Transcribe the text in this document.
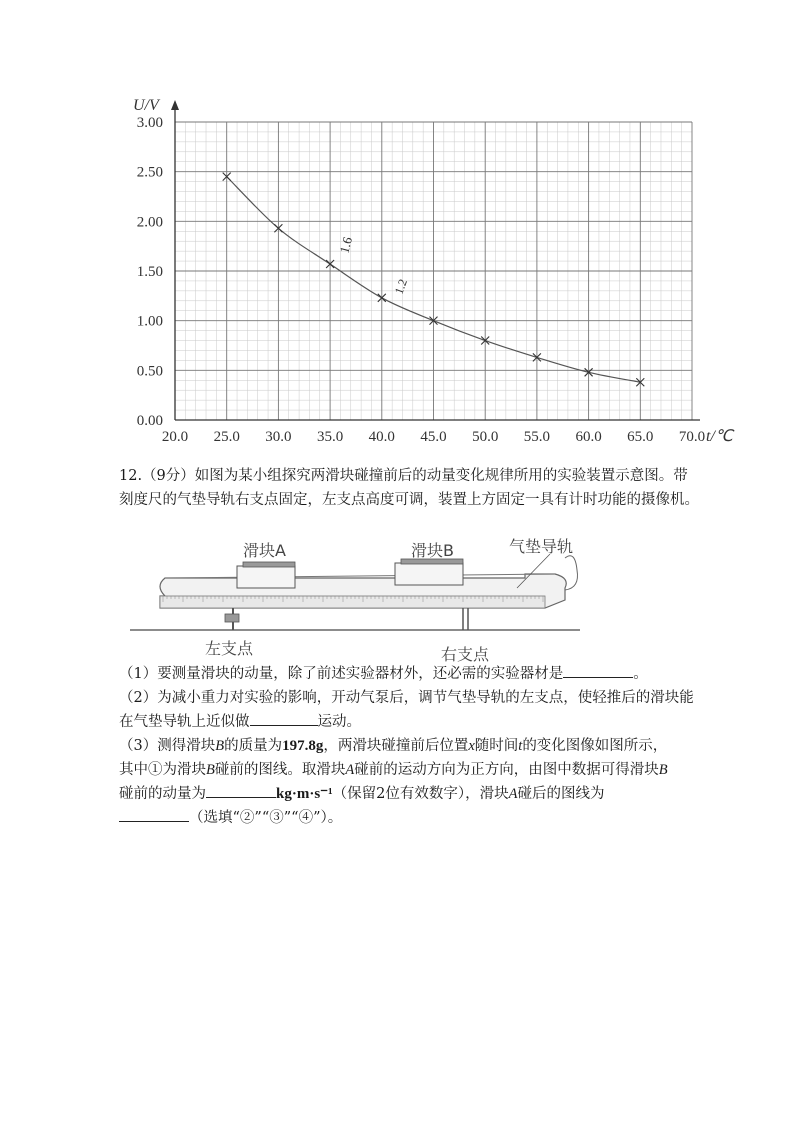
20.0 25.0 30.0 35.0 40.0 45.0 50.0 55.0 60.0 65.0 70.0
0.00
0.50
1.00
1.50
2.00
2.50
3.00
U/V
t/℃
1.6
1.2

12.（9分）如图为某小组探究两滑块碰撞前后的动量变化规律所用的实验装置示意图。带

刻度尺的气垫导轨右支点固定，左支点高度可调，装置上方固定一具有计时功能的摄像机。

滑块A	滑块B	气垫导轨
左支点	右支点

（1）要测量滑块的动量，除了前述实验器材外，还必需的实验器材是	。

（2）为减小重力对实验的影响，开动气泵后，调节气垫导轨的左支点，使轻推后的滑块能

在气垫导轨上近似做	运动。

（3）测得滑块B的质量为197.8g，两滑块碰撞前后位置x随时间t的变化图像如图所示，

其中①为滑块B碰前的图线。取滑块A碰前的运动方向为正方向，由图中数据可得滑块B

碰前的动量为	kg·m·s⁻¹（保留2位有效数字），滑块A碰后的图线为

（选填“②”“③”“④”）。
